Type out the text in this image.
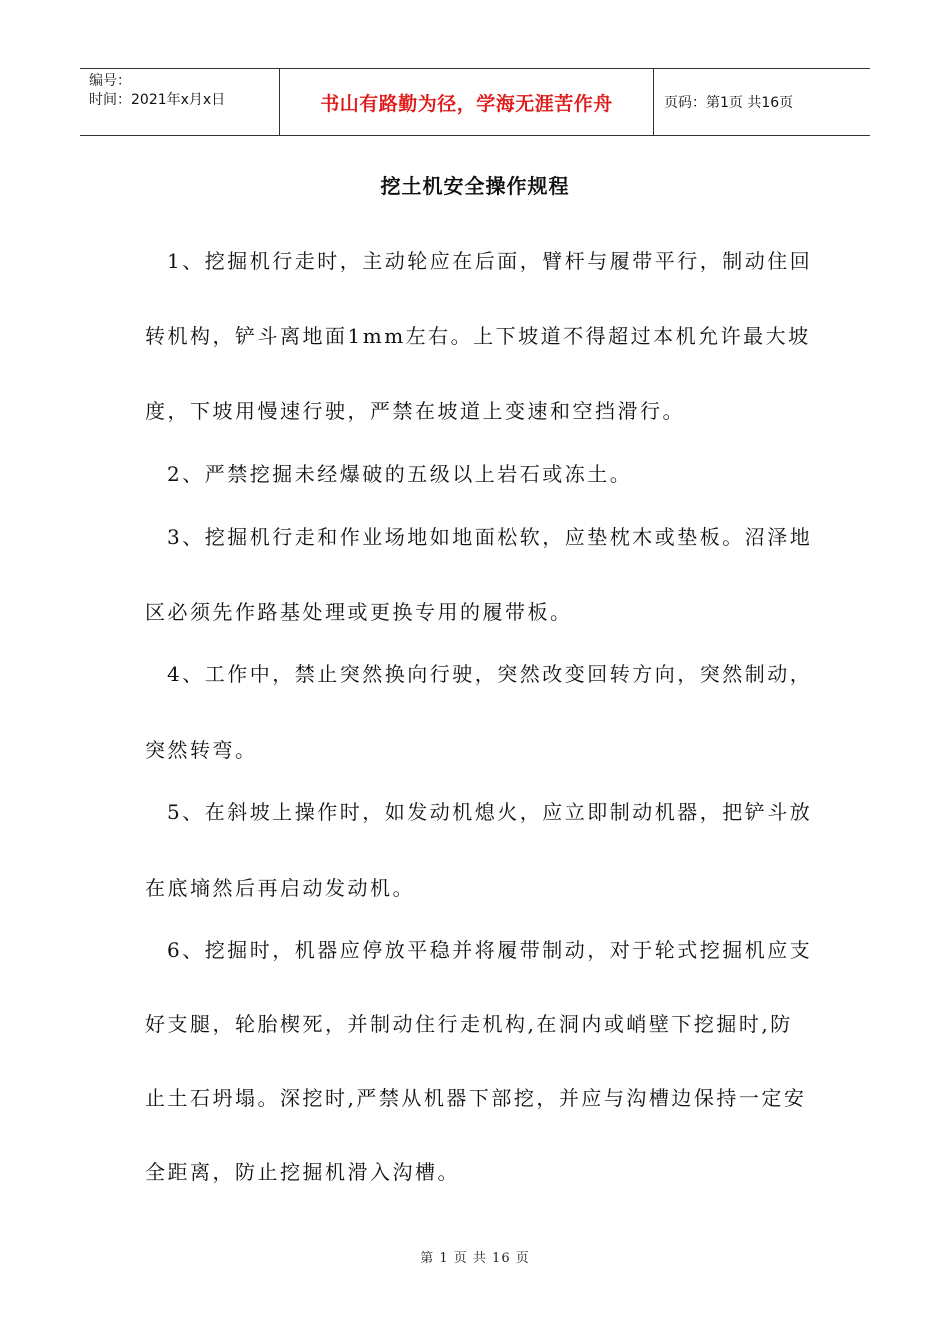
编号：
时间：2021年x月x日	书山有路勤为径，学海无涯苦作舟	页码：第1页 共16页
挖土机安全操作规程
1、挖掘机行走时，主动轮应在后面，臂杆与履带平行，制动住回
转机构，铲斗离地面1mm左右。上下坡道不得超过本机允许最大坡
度，下坡用慢速行驶，严禁在坡道上变速和空挡滑行。
2、严禁挖掘未经爆破的五级以上岩石或冻土。
3、挖掘机行走和作业场地如地面松软，应垫枕木或垫板。沼泽地
区必须先作路基处理或更换专用的履带板。
4、工作中，禁止突然换向行驶，突然改变回转方向，突然制动，
突然转弯。
5、在斜坡上操作时，如发动机熄火，应立即制动机器，把铲斗放
在底墒然后再启动发动机。
6、挖掘时，机器应停放平稳并将履带制动，对于轮式挖掘机应支
好支腿，轮胎楔死，并制动住行走机构,在洞内或峭壁下挖掘时,防
止土石坍塌。深挖时,严禁从机器下部挖，并应与沟槽边保持一定安
全距离，防止挖掘机滑入沟槽。
第 1 页 共 16 页
